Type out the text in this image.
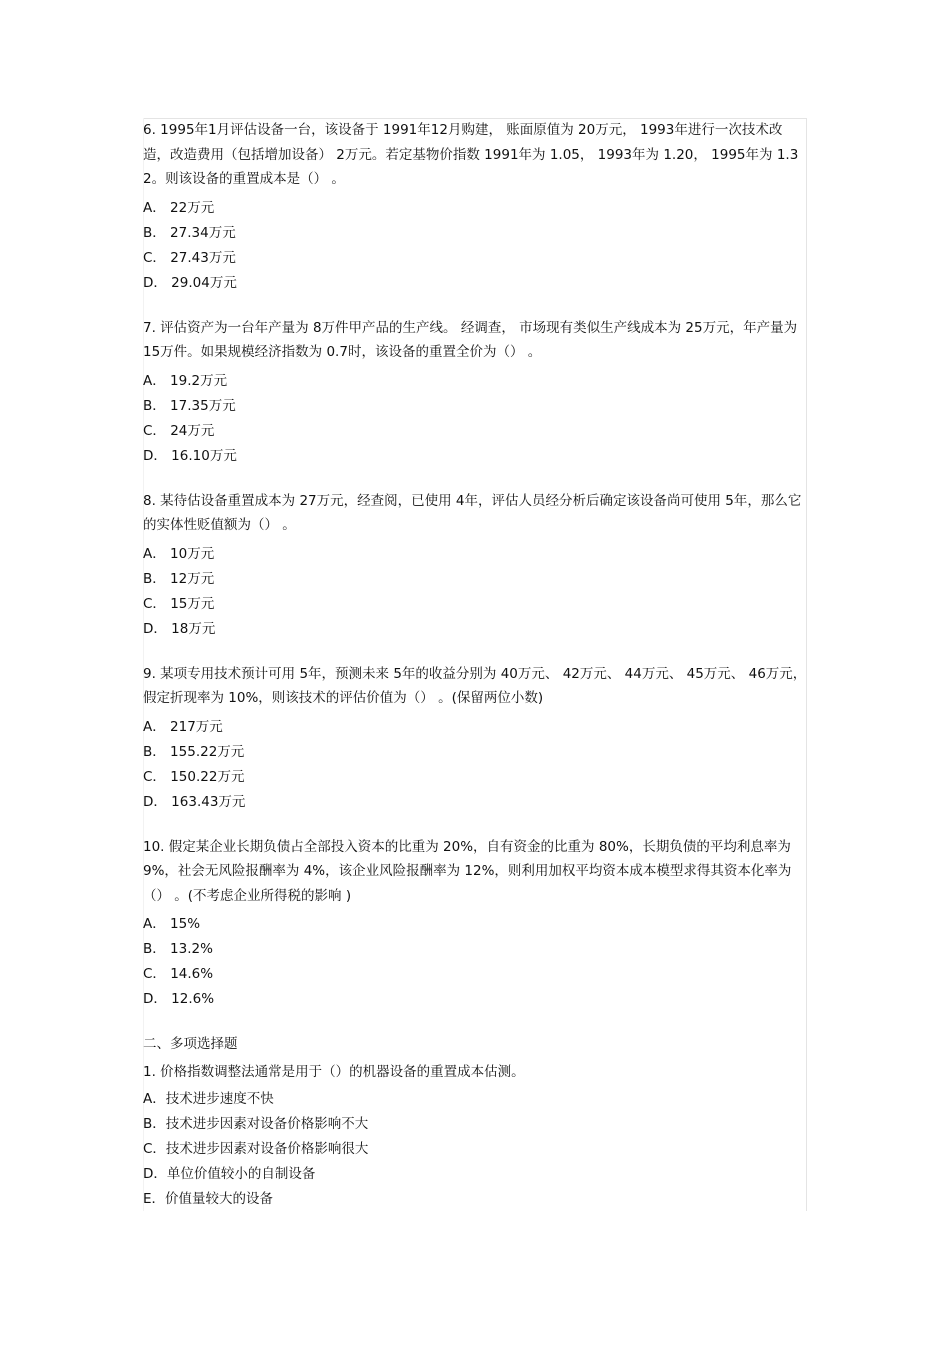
6. 1995年1月评估设备一台，该设备于 1991年12月购建， 账面原值为 20万元， 1993年进行一次技术改造，改造费用（包括增加设备） 2万元。若定基物价指数 1991年为 1.05， 1993年为 1.20， 1995年为 1.32。则该设备的重置成本是（） 。
A． 22万元
B． 27.34万元
C． 27.43万元
D． 29.04万元
7. 评估资产为一台年产量为 8万件甲产品的生产线。 经调查， 市场现有类似生产线成本为 25万元，年产量为 15万件。如果规模经济指数为 0.7时，该设备的重置全价为（） 。
A． 19.2万元
B． 17.35万元
C． 24万元
D． 16.10万元
8. 某待估设备重置成本为 27万元，经查阅，已使用 4年，评估人员经分析后确定该设备尚可使用 5年，那么它的实体性贬值额为（） 。
A． 10万元
B． 12万元
C． 15万元
D． 18万元
9. 某项专用技术预计可用 5年，预测未来 5年的收益分别为 40万元、 42万元、 44万元、 45万元、 46万元，假定折现率为 10%，则该技术的评估价值为（） 。(保留两位小数)
A． 217万元
B． 155.22万元
C． 150.22万元
D． 163.43万元
10. 假定某企业长期负债占全部投入资本的比重为 20%，自有资金的比重为 80%，长期负债的平均利息率为 9%，社会无风险报酬率为 4%，该企业风险报酬率为 12%，则利用加权平均资本成本模型求得其资本化率为（） 。(不考虑企业所得税的影响 )
A． 15%
B． 13.2%
C． 14.6%
D． 12.6%
二、多项选择题
1. 价格指数调整法通常是用于（）的机器设备的重置成本估测。
A．技术进步速度不快
B．技术进步因素对设备价格影响不大
C．技术进步因素对设备价格影响很大
D．单位价值较小的自制设备
E．价值量较大的设备
